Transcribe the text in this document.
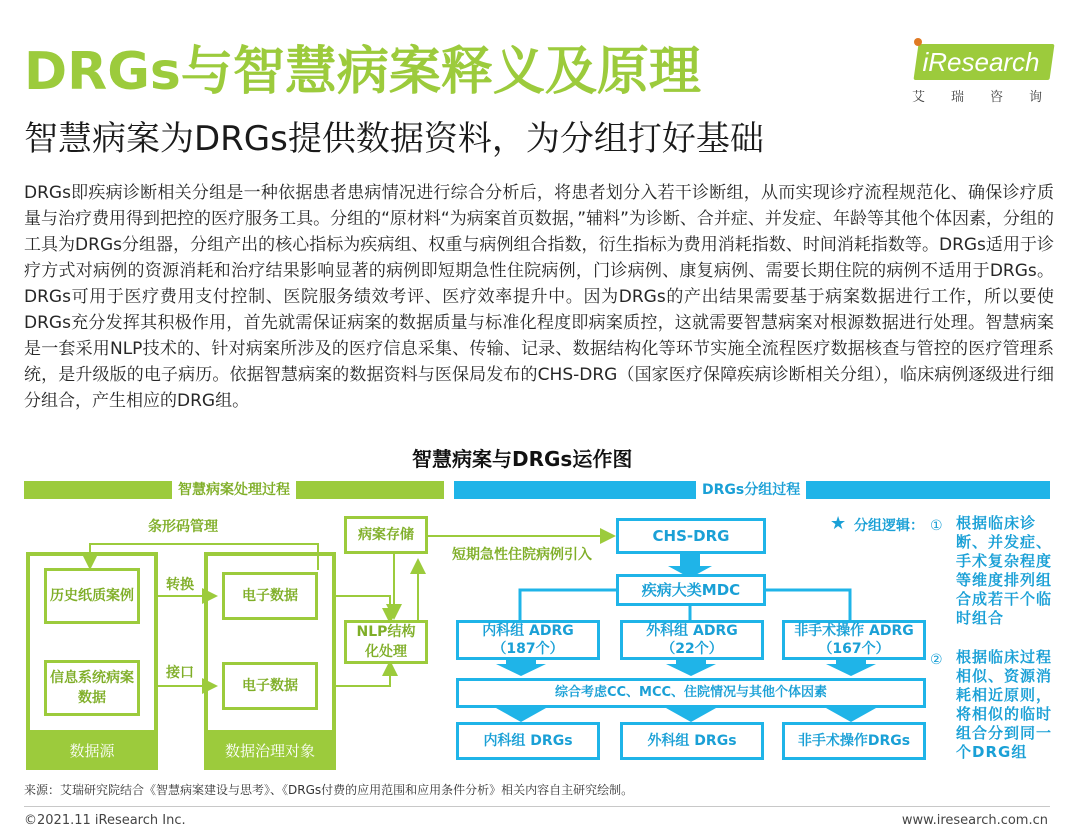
DRGs与智慧病案释义及原理
智慧病案为DRGs提供数据资料，为分组打好基础
iResearch
艾瑞咨询
DRGs即疾病诊断相关分组是一种依据患者患病情况进行综合分析后，将患者划分入若干诊断组，从而实现诊疗流程规范化、确保诊疗质量与治疗费用得到把控的医疗服务工具。分组的“原材料“为病案首页数据，”辅料”为诊断、合并症、并发症、年龄等其他个体因素，分组的工具为DRGs分组器，分组产出的核心指标为疾病组、权重与病例组合指数，衍生指标为费用消耗指数、时间消耗指数等。DRGs适用于诊疗方式对病例的资源消耗和治疗结果影响显著的病例即短期急性住院病例，门诊病例、康复病例、需要长期住院的病例不适用于DRGs。DRGs可用于医疗费用支付控制、医院服务绩效考评、医疗效率提升中。因为DRGs的产出结果需要基于病案数据进行工作，所以要使DRGs充分发挥其积极作用，首先就需保证病案的数据质量与标准化程度即病案质控，这就需要智慧病案对根源数据进行处理。智慧病案是一套采用NLP技术的、针对病案所涉及的医疗信息采集、传输、记录、数据结构化等环节实施全流程医疗数据核查与管控的医疗管理系统，是升级版的电子病历。依据智慧病案的数据资料与医保局发布的CHS-DRG（国家医疗保障疾病诊断相关分组），临床病例逐级进行细分组合，产生相应的DRG组。
智慧病案与DRGs运作图
智慧病案处理过程	DRGs分组过程
条形码管理
历史纸质案例
信息系统病案数据
转换
接口
电子数据
电子数据
数据源	数据治理对象
病案存储
NLP结构化处理
短期急性住院病例引入
CHS-DRG
疾病大类MDC
内科组 ADRG
（187个）
外科组 ADRG
（22个）
非手术操作 ADRG
（167个）
综合考虑CC、MCC、住院情况与其他个体因素
内科组 DRGs	外科组 DRGs	非手术操作DRGs
★ 分组逻辑： ① 根据临床诊断、并发症、手术复杂程度等维度排列组合成若干个临时组合
② 根据临床过程相似、资源消耗相近原则，将相似的临时组合分到同一个DRG组
来源：艾瑞研究院结合《智慧病案建设与思考》、《DRGs付费的应用范围和应用条件分析》相关内容自主研究绘制。
©2021.11 iResearch Inc.	www.iresearch.com.cn
